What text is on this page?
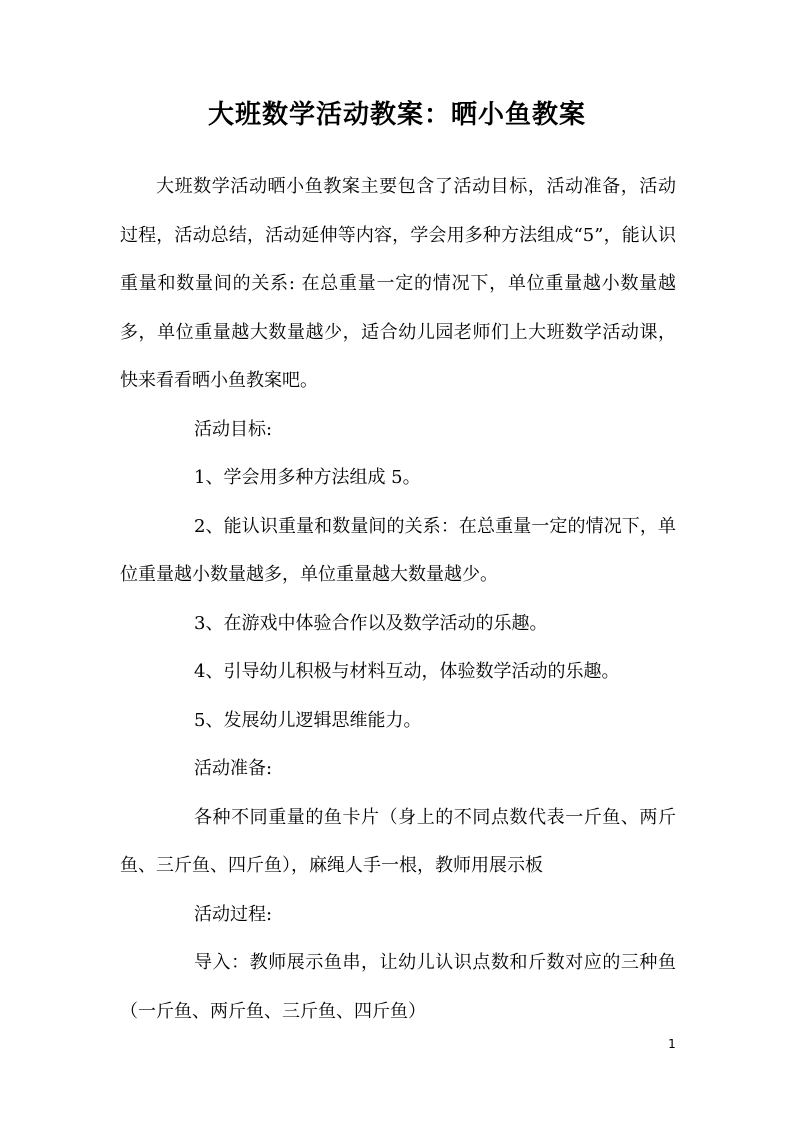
大班数学活动教案：晒小鱼教案

大班数学活动晒小鱼教案主要包含了活动目标，活动准备，活动过程，活动总结，活动延伸等内容，学会用多种方法组成“5”，能认识重量和数量间的关系: 在总重量一定的情况下，单位重量越小数量越多，单位重量越大数量越少，适合幼儿园老师们上大班数学活动课，快来看看晒小鱼教案吧。

活动目标:

1、学会用多种方法组成 5。

2、能认识重量和数量间的关系：在总重量一定的情况下，单位重量越小数量越多，单位重量越大数量越少。

3、在游戏中体验合作以及数学活动的乐趣。

4、引导幼儿积极与材料互动，体验数学活动的乐趣。

5、发展幼儿逻辑思维能力。

活动准备:

各种不同重量的鱼卡片（身上的不同点数代表一斤鱼、两斤鱼、三斤鱼、四斤鱼），麻绳人手一根，教师用展示板

活动过程:

导入：教师展示鱼串，让幼儿认识点数和斤数对应的三种鱼（一斤鱼、两斤鱼、三斤鱼、四斤鱼）

1
